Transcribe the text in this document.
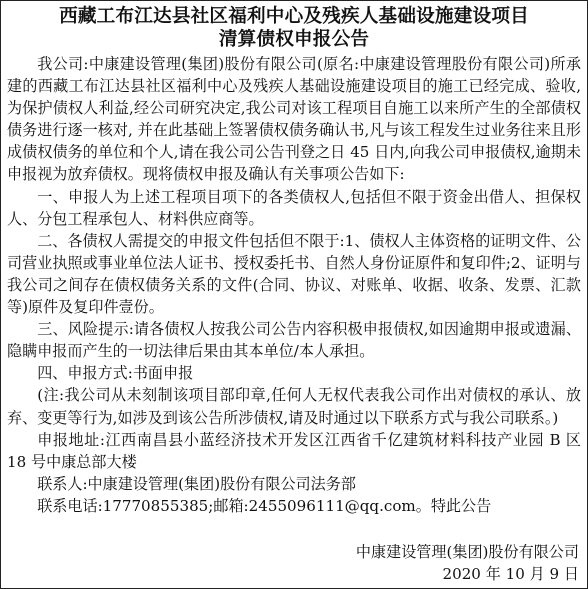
西藏工布江达县社区福利中心及残疾人基础设施建设项目
清算债权申报公告

我公司:中康建设管理(集团)股份有限公司(原名:中康建设管理股份有限公司)所承建的西藏工布江达县社区福利中心及残疾人基础设施建设项目的施工已经完成、验收,为保护债权人利益,经公司研究决定,我公司对该工程项目自施工以来所产生的全部债权债务进行逐一核对, 并在此基础上签署债权债务确认书,凡与该工程发生过业务往来且形成债权债务的单位和个人,请在我公司公告刊登之日 45 日内,向我公司申报债权,逾期未申报视为放弃债权。现将债权申报及确认有关事项公告如下:

一、申报人为上述工程项目项下的各类债权人,包括但不限于资金出借人、担保权人、分包工程承包人、材料供应商等。

二、各债权人需提交的申报文件包括但不限于:1、债权人主体资格的证明文件、公司营业执照或事业单位法人证书、授权委托书、自然人身份证原件和复印件;2、证明与我公司之间存在债权债务关系的文件(合同、协议、对账单、收据、收条、发票、汇款等)原件及复印件壹份。

三、风险提示:请各债权人按我公司公告内容积极申报债权,如因逾期申报或遗漏、隐瞒申报而产生的一切法律后果由其本单位/本人承担。

四、申报方式:书面申报

(注:我公司从未刻制该项目部印章,任何人无权代表我公司作出对债权的承认、放弃、变更等行为,如涉及到该公告所涉债权,请及时通过以下联系方式与我公司联系。)

申报地址:江西南昌县小蓝经济技术开发区江西省千亿建筑材料科技产业园 B 区 18 号中康总部大楼

联系人:中康建设管理(集团)股份有限公司法务部

联系电话:17770855385;邮箱:2455096111@qq.com。特此公告

中康建设管理(集团)股份有限公司
2020 年 10 月 9 日
